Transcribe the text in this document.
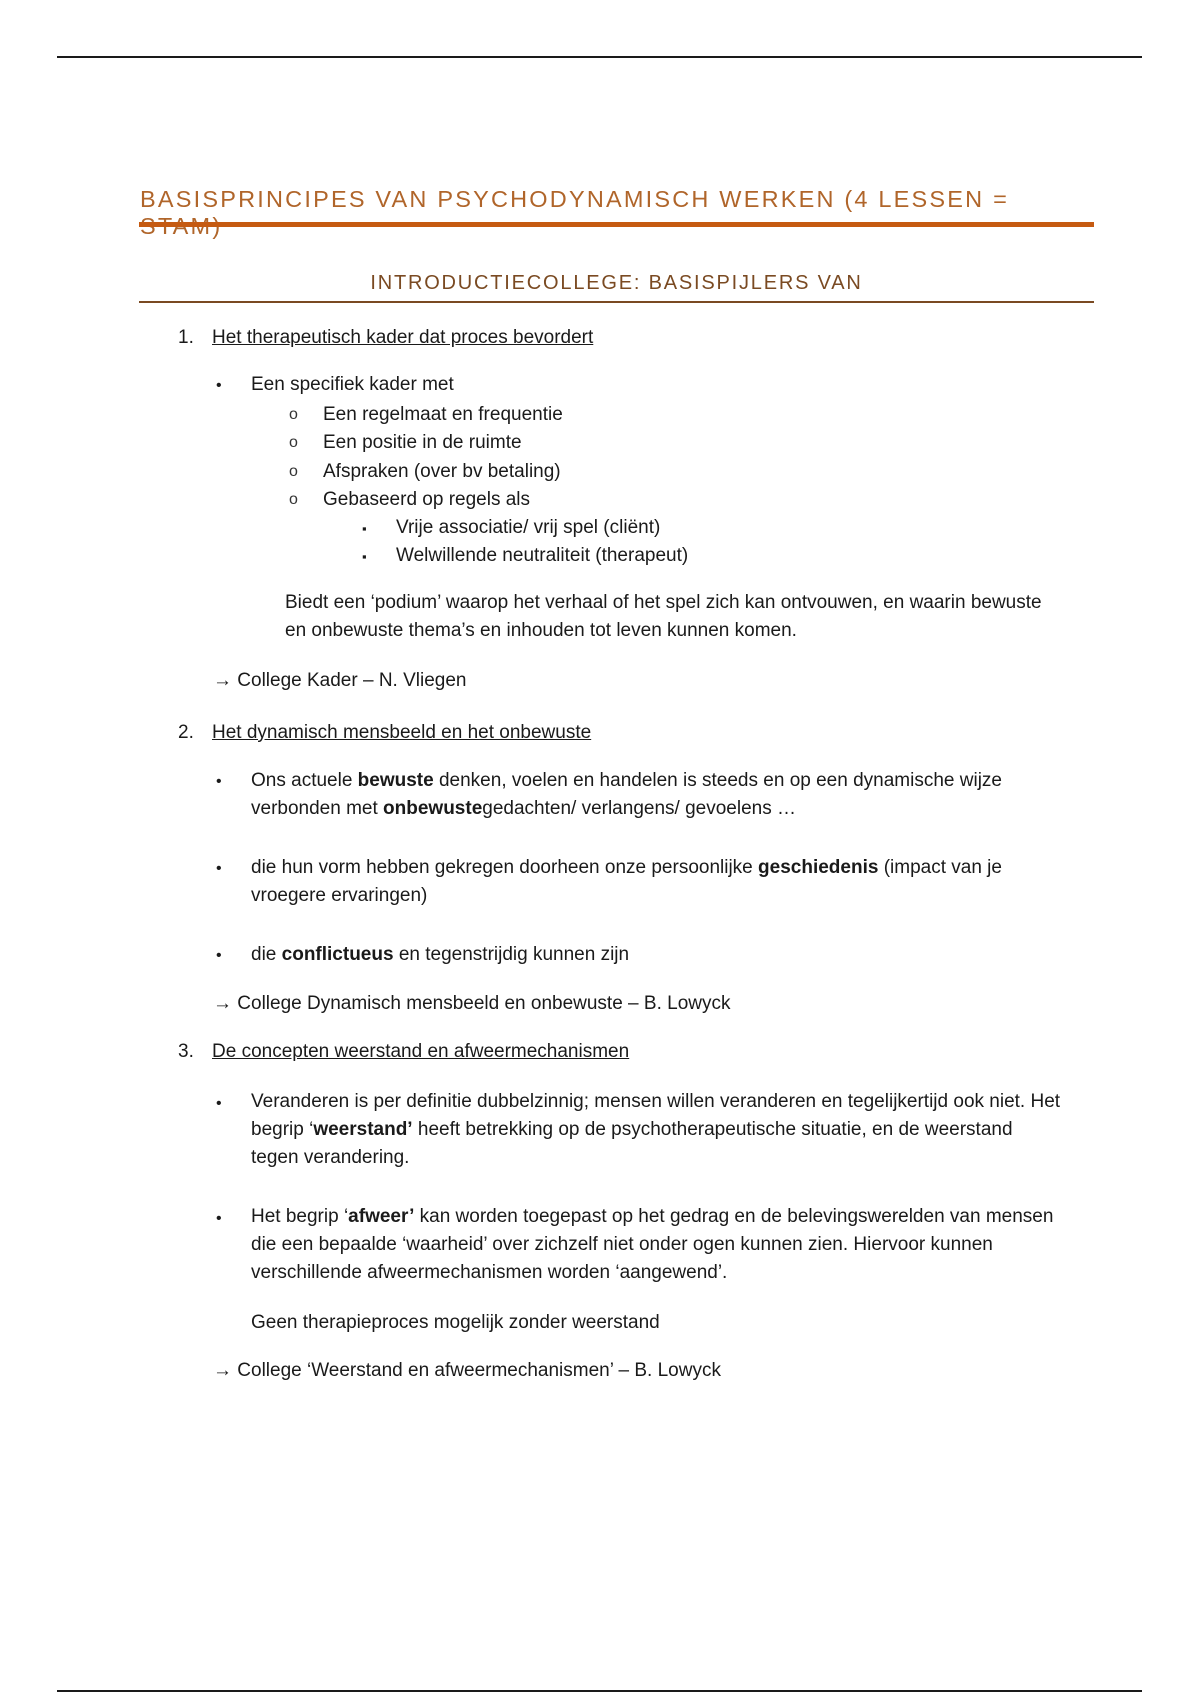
BASISPRINCIPES VAN PSYCHODYNAMISCH WERKEN (4 LESSEN =
INTRODUCTIECOLLEGE: BASISPIJLERS VAN
1. Het therapeutisch kader dat proces bevordert
• Een specifiek kader met
o Een regelmaat en frequentie
o Een positie in de ruimte
o Afspraken (over bv betaling)
o Gebaseerd op regels als
▪ Vrije associatie/ vrij spel (cliënt)
▪ Welwillende neutraliteit (therapeut)

Biedt een ‘podium’ waarop het verhaal of het spel zich kan ontvouwen, en waarin bewuste en onbewuste thema’s en inhouden tot leven kunnen komen.

→ College Kader – N. Vliegen
2. Het dynamisch mensbeeld en het onbewuste
• Ons actuele bewuste denken, voelen en handelen is steeds en op een dynamische wijze verbonden met onbewustegedachten/ verlangens/ gevoelens …

• die hun vorm hebben gekregen doorheen onze persoonlijke geschiedenis (impact van je vroegere ervaringen)

• die conflictueus en tegenstrijdig kunnen zijn

→ College Dynamisch mensbeeld en onbewuste – B. Lowyck
3. De concepten weerstand en afweermechanismen
• Veranderen is per definitie dubbelzinnig; mensen willen veranderen en tegelijkertijd ook niet. Het begrip ‘weerstand’ heeft betrekking op de psychotherapeutische situatie, en de weerstand tegen verandering.

• Het begrip ‘afweer’ kan worden toegepast op het gedrag en de belevingswerelden van mensen die een bepaalde ‘waarheid’ over zichzelf niet onder ogen kunnen zien. Hiervoor kunnen verschillende afweermechanismen worden ‘aangewend’.

Geen therapieproces mogelijk zonder weerstand
→ College ‘Weerstand en afweermechanismen’ – B. Lowyck
